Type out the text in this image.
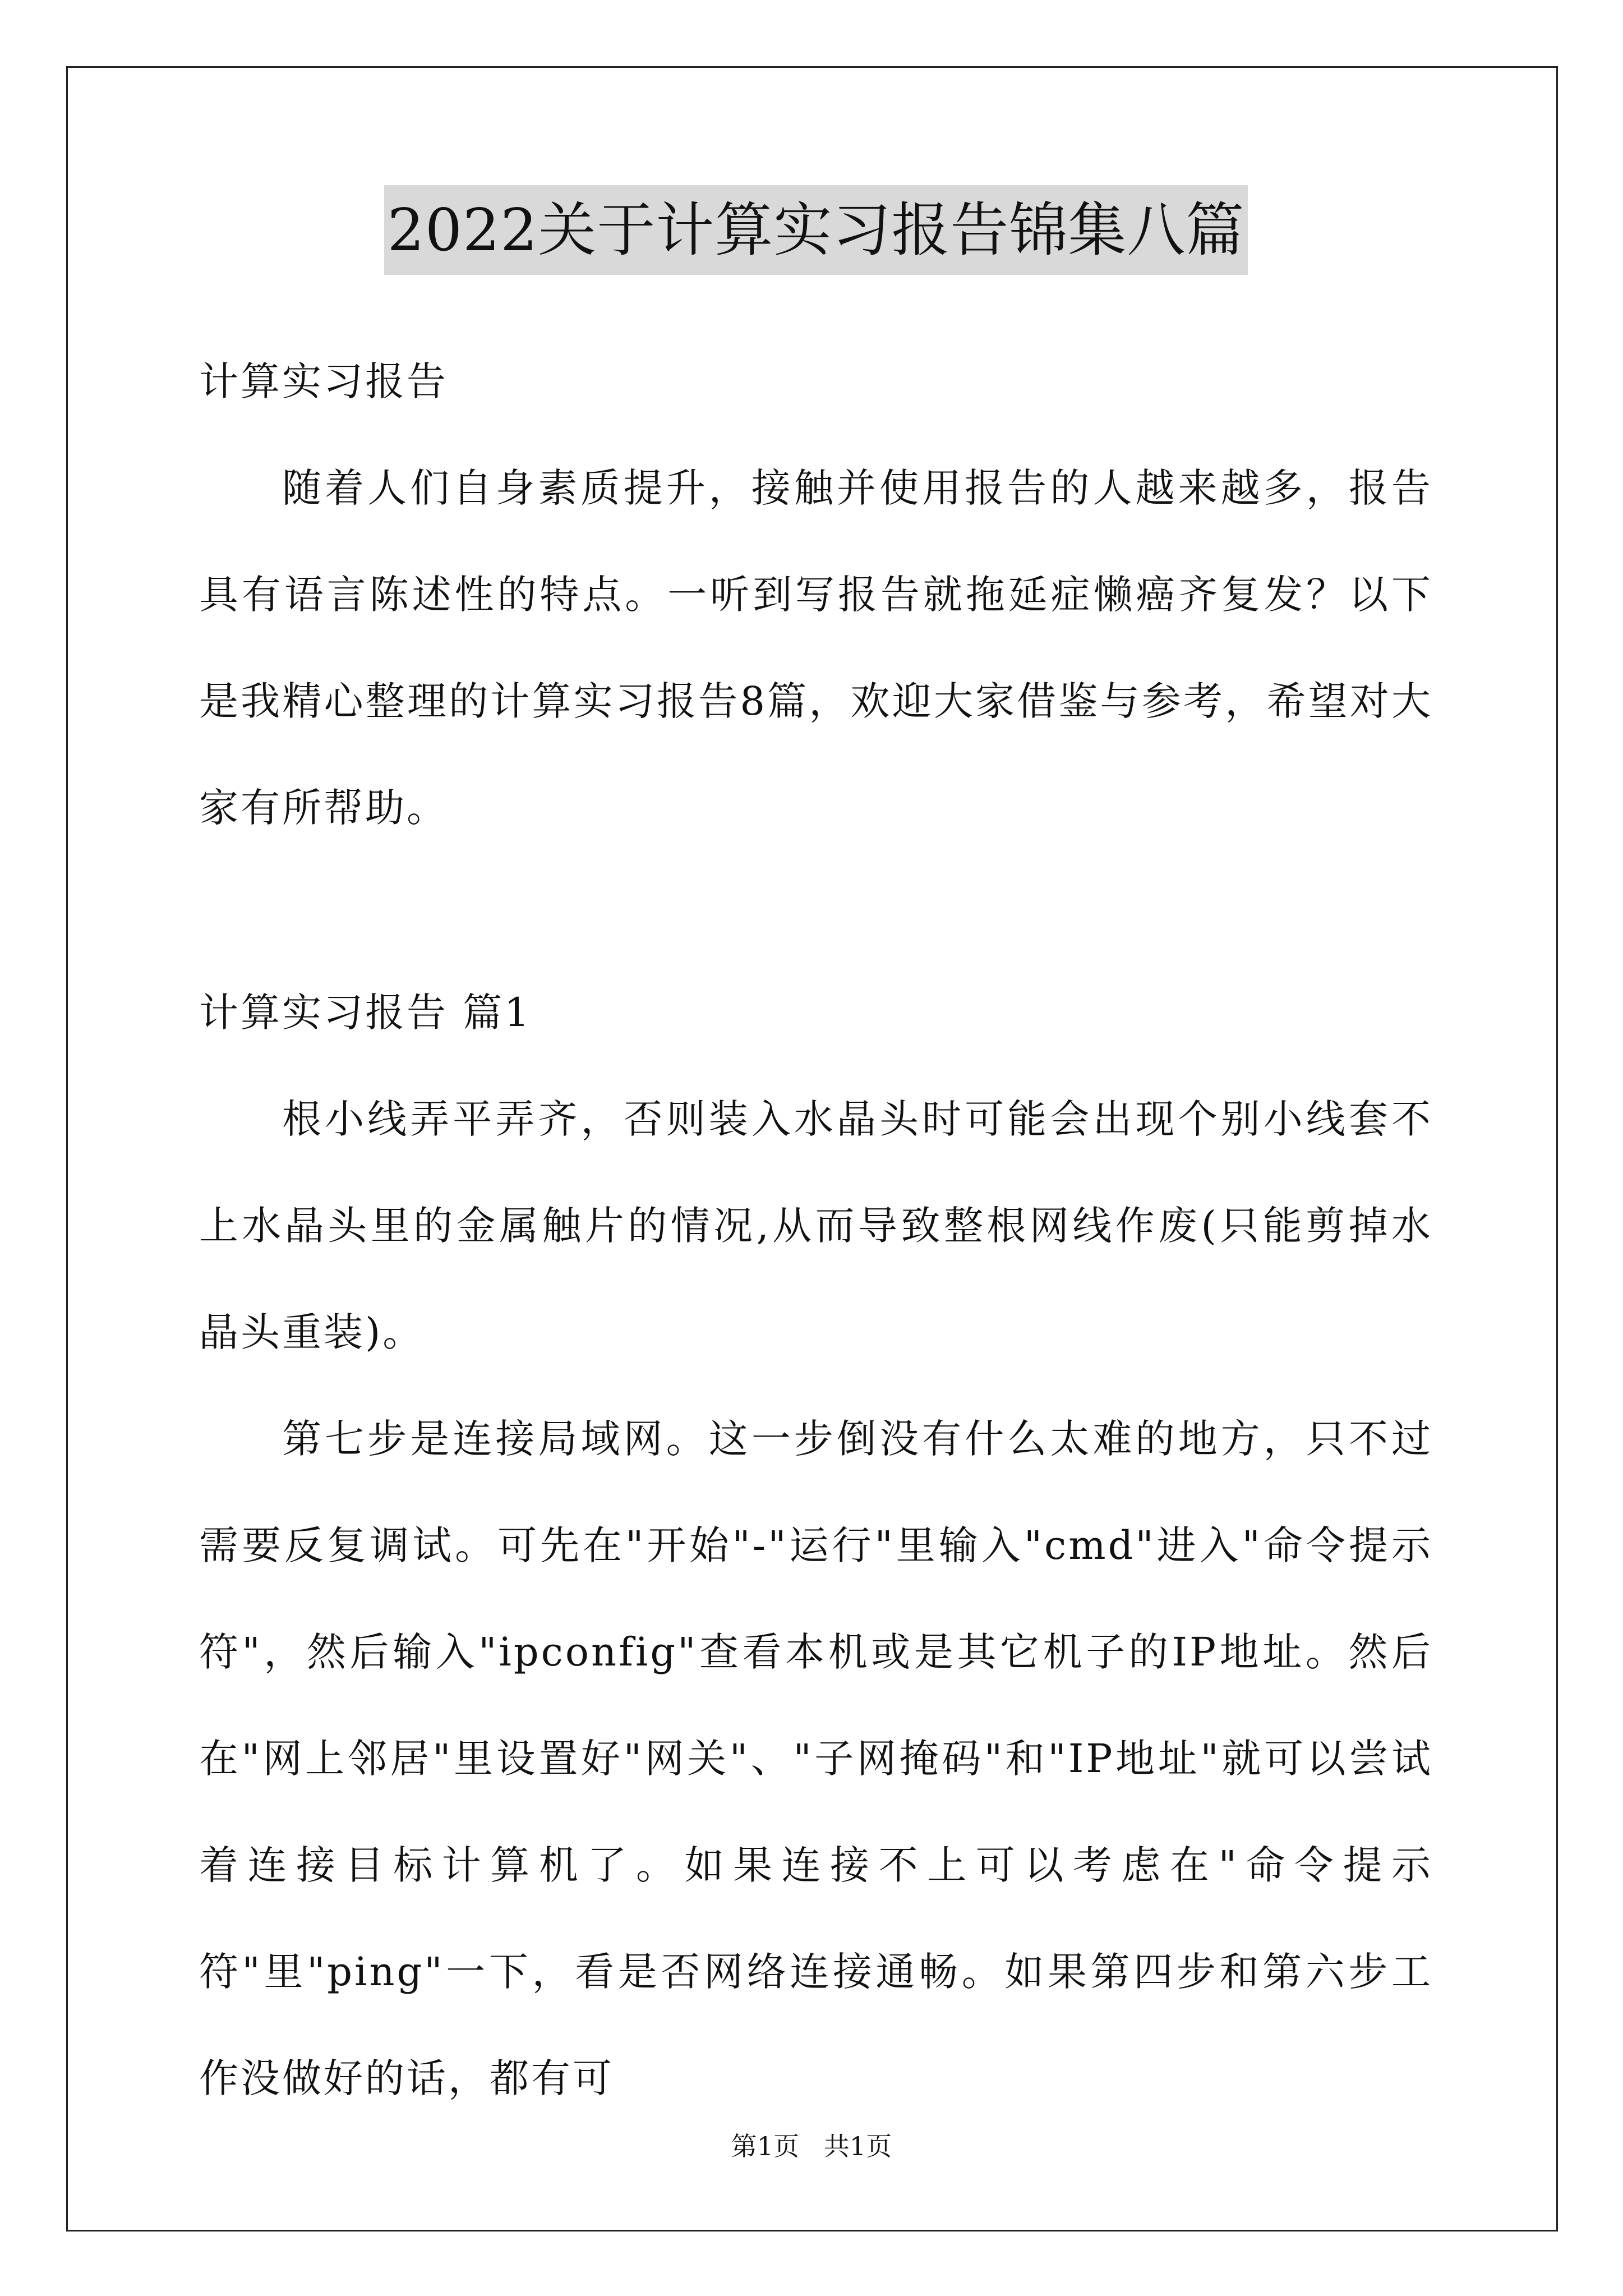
2022关于计算实习报告锦集八篇

计算实习报告

随着人们自身素质提升，接触并使用报告的人越来越多，报告具有语言陈述性的特点。一听到写报告就拖延症懒癌齐复发？以下是我精心整理的计算实习报告8篇，欢迎大家借鉴与参考，希望对大家有所帮助。

计算实习报告 篇1

根小线弄平弄齐，否则装入水晶头时可能会出现个别小线套不上水晶头里的金属触片的情况,从而导致整根网线作废(只能剪掉水晶头重装)。

第七步是连接局域网。这一步倒没有什么太难的地方，只不过需要反复调试。可先在"开始"-"运行"里输入"cmd"进入"命令提示符"，然后输入"ipconfig"查看本机或是其它机子的IP地址。然后在"网上邻居"里设置好"网关"、"子网掩码"和"IP地址"就可以尝试着连接目标计算机了。如果连接不上可以考虑在"命令提示符"里"ping"一下，看是否网络连接通畅。如果第四步和第六步工作没做好的话，都有可

第1页   共1页
